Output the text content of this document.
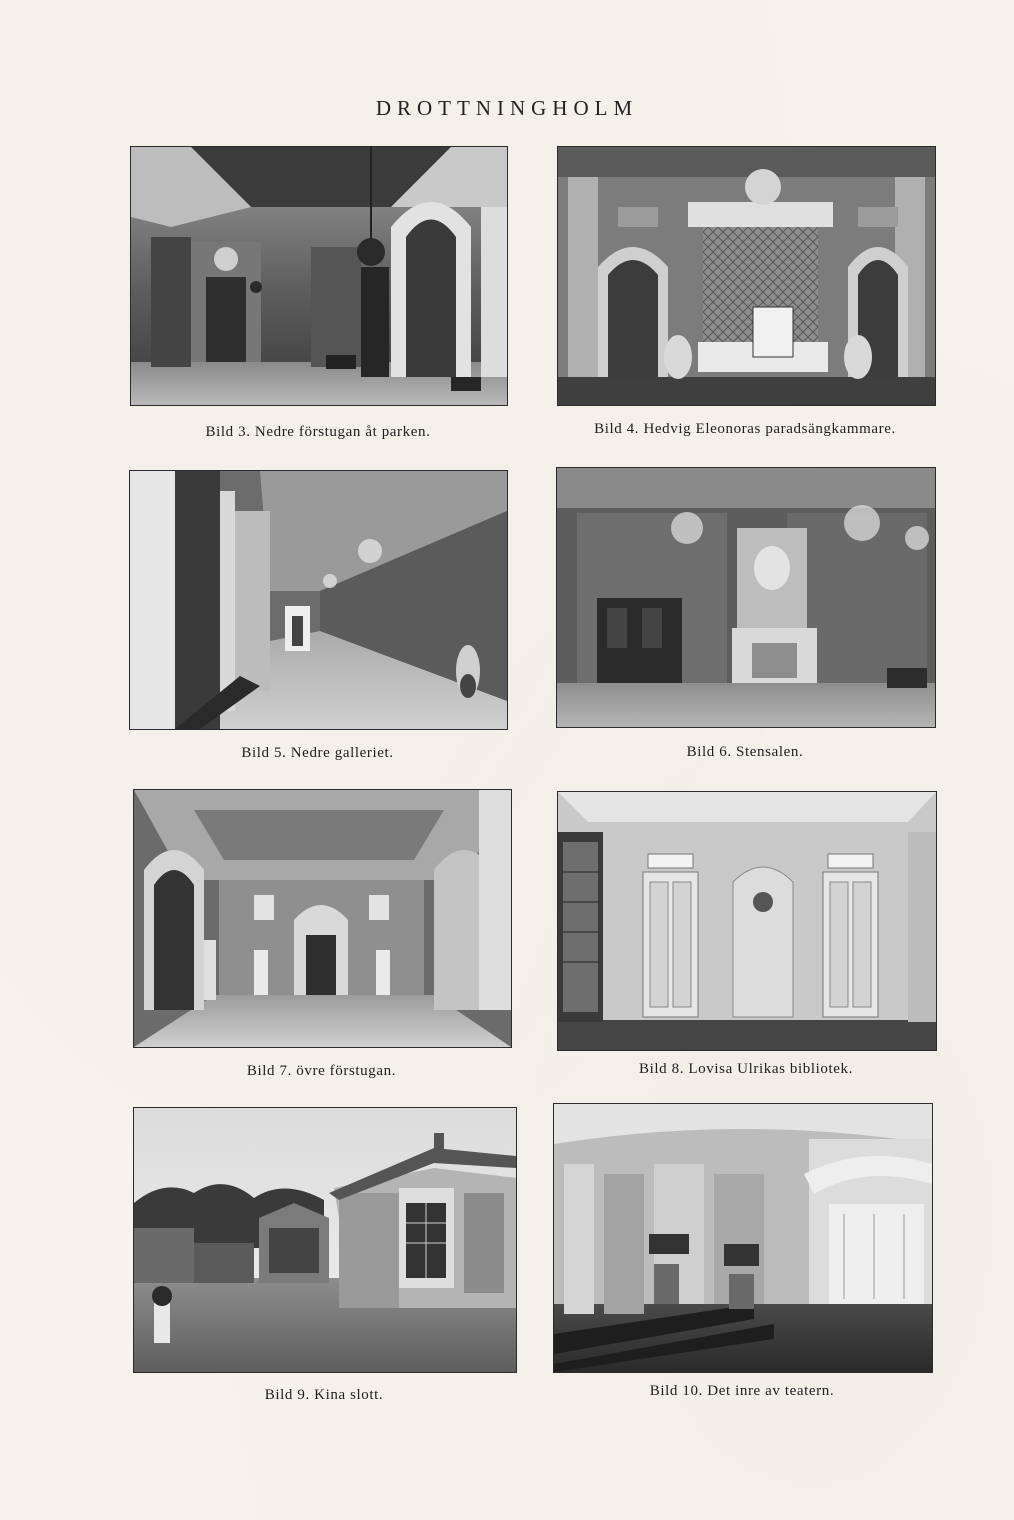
DROTTNINGHOLM
Bild 3. Nedre förstugan åt parken.	Bild 4. Hedvig Eleonoras paradsängkammare.
Bild 5. Nedre galleriet.	Bild 6. Stensalen.
Bild 7. övre förstugan.	Bild 8. Lovisa Ulrikas bibliotek.
Bild 9. Kina slott.	Bild 10. Det inre av teatern.
